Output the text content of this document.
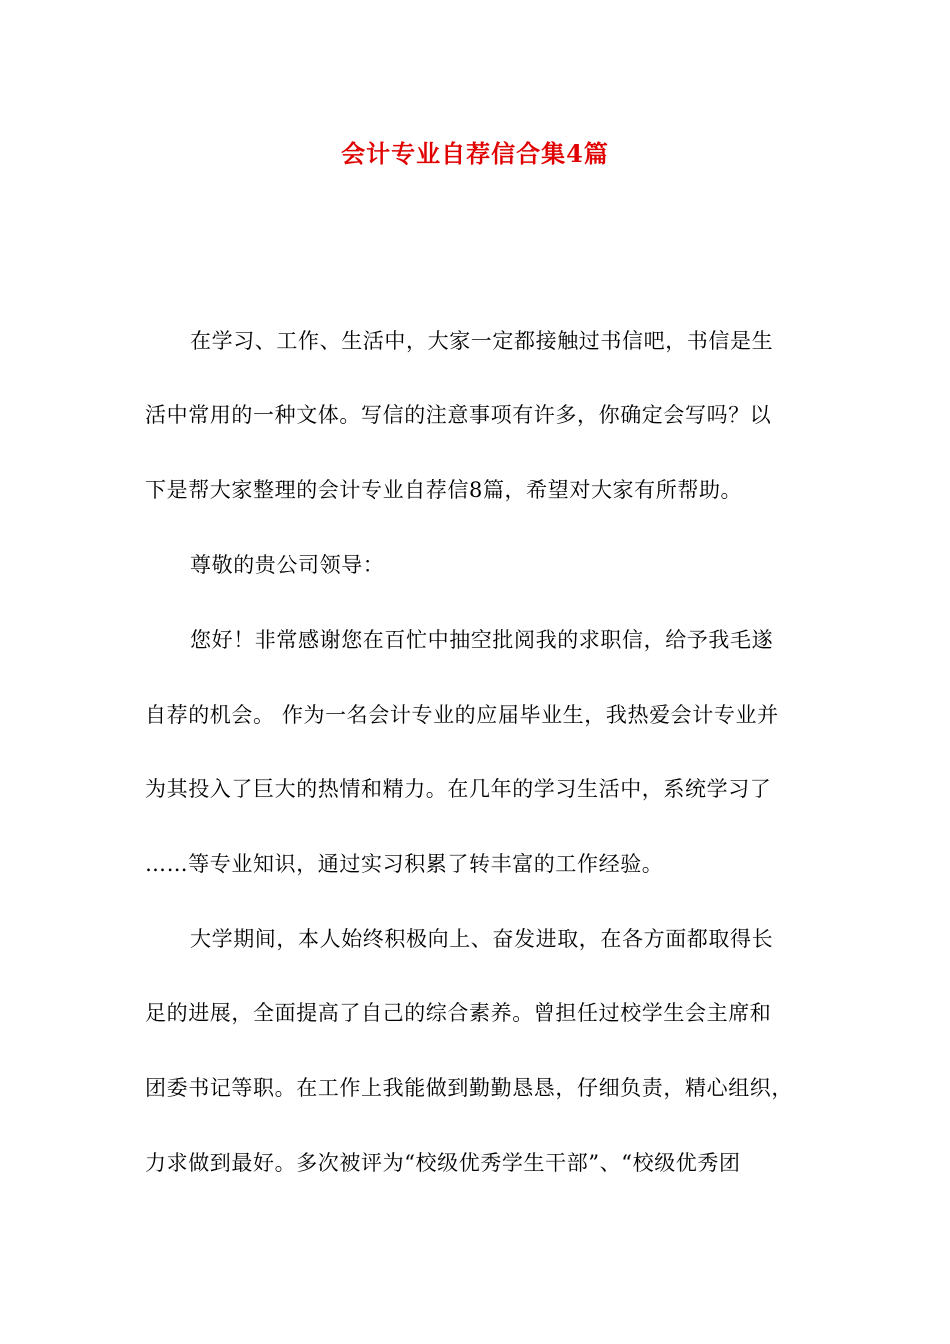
会计专业自荐信合集4篇
在学习、工作、生活中，大家一定都接触过书信吧，书信是生
活中常用的一种文体。写信的注意事项有许多，你确定会写吗？以
下是帮大家整理的会计专业自荐信8篇，希望对大家有所帮助。
尊敬的贵公司领导：
您好！非常感谢您在百忙中抽空批阅我的求职信，给予我毛遂
自荐的机会。 作为一名会计专业的应届毕业生，我热爱会计专业并
为其投入了巨大的热情和精力。在几年的学习生活中，系统学习了
……等专业知识，通过实习积累了转丰富的工作经验。
大学期间，本人始终积极向上、奋发进取，在各方面都取得长
足的进展，全面提高了自己的综合素养。曾担任过校学生会主席和
团委书记等职。在工作上我能做到勤勤恳恳，仔细负责，精心组织，
力求做到最好。多次被评为“校级优秀学生干部”、“校级优秀团
